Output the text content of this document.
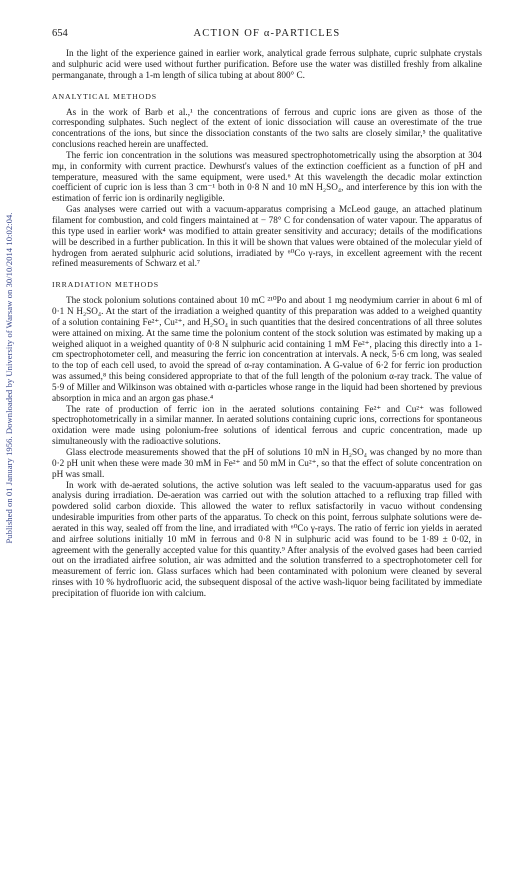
Published on 01 January 1956. Downloaded by University of Warsaw on 30/10/2014 10:02:04.
654	ACTION OF α-PARTICLES

In the light of the experience gained in earlier work, analytical grade ferrous sulphate, cupric sulphate crystals and sulphuric acid were used without further purification. Before use the water was distilled freshly from alkaline permanganate, through a 1-m length of silica tubing at about 800° C.

ANALYTICAL METHODS

As in the work of Barb et al.,¹ the concentrations of ferrous and cupric ions are given as those of the corresponding sulphates. Such neglect of the extent of ionic dissociation will cause an overestimate of the true concentrations of the ions, but since the dissociation constants of the two salts are closely similar,⁵ the qualitative conclusions reached herein are unaffected.

The ferric ion concentration in the solutions was measured spectrophotometrically using the absorption at 304 mμ, in conformity with current practice. Dewhurst's values of the extinction coefficient as a function of pH and temperature, measured with the same equipment, were used.⁶ At this wavelength the decadic molar extinction coefficient of cupric ion is less than 3 cm⁻¹ both in 0·8 N and 10 mN H₂SO₄, and interference by this ion with the estimation of ferric ion is ordinarily negligible.

Gas analyses were carried out with a vacuum-apparatus comprising a McLeod gauge, an attached platinum filament for combustion, and cold fingers maintained at − 78° C for condensation of water vapour. The apparatus of this type used in earlier work⁴ was modified to attain greater sensitivity and accuracy; details of the modifications will be described in a further publication. In this it will be shown that values were obtained of the molecular yield of hydrogen from aerated sulphuric acid solutions, irradiated by ⁶⁰Co γ-rays, in excellent agreement with the recent refined measurements of Schwarz et al.⁷

IRRADIATION METHODS

The stock polonium solutions contained about 10 mC ²¹⁰Po and about 1 mg neodymium carrier in about 6 ml of 0·1 N H₂SO₄. At the start of the irradiation a weighed quantity of this preparation was added to a weighed quantity of a solution containing Fe²⁺, Cu²⁺, and H₂SO₄ in such quantities that the desired concentrations of all three solutes were attained on mixing. At the same time the polonium content of the stock solution was estimated by making up a weighed aliquot in a weighed quantity of 0·8 N sulphuric acid containing 1 mM Fe²⁺, placing this directly into a 1-cm spectrophotometer cell, and measuring the ferric ion concentration at intervals. A neck, 5·6 cm long, was sealed to the top of each cell used, to avoid the spread of α-ray contamination. A G-value of 6·2 for ferric ion production was assumed,⁸ this being considered appropriate to that of the full length of the polonium α-ray track. The value of 5·9 of Miller and Wilkinson was obtained with α-particles whose range in the liquid had been shortened by previous absorption in mica and an argon gas phase.⁴

The rate of production of ferric ion in the aerated solutions containing Fe²⁺ and Cu²⁺ was followed spectrophotometrically in a similar manner. In aerated solutions containing cupric ions, corrections for spontaneous oxidation were made using polonium-free solutions of identical ferrous and cupric concentration, made up simultaneously with the radioactive solutions.

Glass electrode measurements showed that the pH of solutions 10 mN in H₂SO₄ was changed by no more than 0·2 pH unit when these were made 30 mM in Fe²⁺ and 50 mM in Cu²⁺, so that the effect of solute concentration on pH was small.

In work with de-aerated solutions, the active solution was left sealed to the vacuum-apparatus used for gas analysis during irradiation. De-aeration was carried out with the solution attached to a refluxing trap filled with powdered solid carbon dioxide. This allowed the water to reflux satisfactorily in vacuo without condensing undesirable impurities from other parts of the apparatus. To check on this point, ferrous sulphate solutions were de-aerated in this way, sealed off from the line, and irradiated with ⁶⁰Co γ-rays. The ratio of ferric ion yields in aerated and airfree solutions initially 10 mM in ferrous and 0·8 N in sulphuric acid was found to be 1·89 ± 0·02, in agreement with the generally accepted value for this quantity.⁹ After analysis of the evolved gases had been carried out on the irradiated airfree solution, air was admitted and the solution transferred to a spectrophotometer cell for measurement of ferric ion. Glass surfaces which had been contaminated with polonium were cleaned by several rinses with 10 % hydrofluoric acid, the subsequent disposal of the active wash-liquor being facilitated by immediate precipitation of fluoride ion with calcium.
